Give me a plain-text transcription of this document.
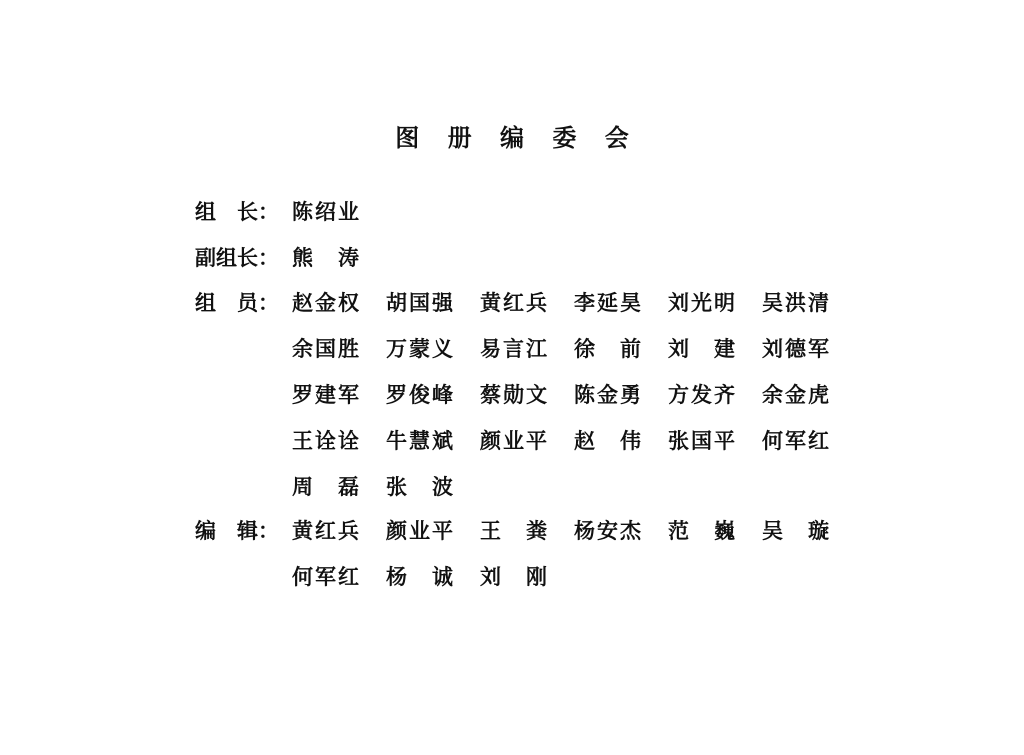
图 册 编 委 会
组　长： 陈绍业
副组长： 熊　涛
组　员： 赵金权 胡国强 黄红兵 李延昊 刘光明 吴洪清
余国胜 万蒙义 易言江 徐　前 刘　建 刘德军
罗建军 罗俊峰 蔡勋文 陈金勇 方发齐 余金虎
王诠诠 牛慧斌 颜业平 赵　伟 张国平 何军红
周　磊 张　波
编　辑： 黄红兵 颜业平 王　粪 杨安杰 范　巍 吴　璇
何军红 杨　诚 刘　刚
